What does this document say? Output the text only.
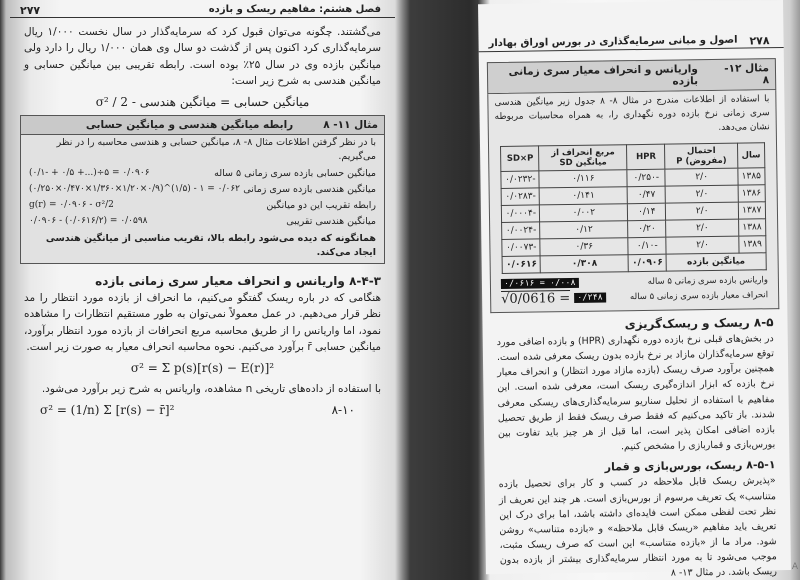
فصل هشتم: مفاهیم ریسک و بازده
۲۷۷

می‌گشتند. چگونه می‌توان قبول کرد که سرمایه‌گذار در سال نخست ۱/۰۰۰ ریال سرمایه‌گذاری کرد اکنون پس از گذشت دو سال وی همان ۱/۰۰۰ ریال را دارد ولی میانگین بازده وی در سال ۲۵٪ بوده است. رابطه تقریبی بین میانگین حسابی و میانگین هندسی به شرح زیر است:

σ² / 2 - میانگین حسابی = میانگین هندسی
مثال ۱۱- ۸
رابطه میانگین هندسی و میانگین حسابی
با در نظر گرفتن اطلاعات مثال ۸- ۸، میانگین حسابی و هندسی محاسبه را در نظر می‌گیریم.
میانگین حسابی بازده سری زمانی ۵ ساله
(۰/۱- + ۰/۵ +...)÷۵ = ۰/۰۹۰۶
میانگین هندسی بازده سری زمانی
(۰/۲۵۰×۰/۴۷۰×۱/۳۶۰×۱/۲۰×۰/۹)^(۱/۵) - ۱ = ۰/۰۶۲
رابطه تقریب این دو میانگین
g(r) = ۰/۰۹۰۶ - σ²/2
میانگین هندسی تقریبی
۰/۰۹۰۶ - (۰/۰۶۱۶/۲) = ۰/۰۵۹۸
همانگونه که دیده می‌شود رابطه بالا، تقریب مناسبی از میانگین هندسی ایجاد می‌کند.
۸-۴-۳ واریانس و انحراف معیار سری زمانی بازده

هنگامی که در باره ریسک گفتگو می‌کنیم، ما انحراف از بازده مورد انتظار را مد نظر قرار می‌دهیم. در عمل معمولاً نمی‌توان به طور مستقیم انتظارات را مشاهده نمود، اما واریانس را از طریق محاسبه مربع انحرافات از بازده مورد انتظار برآورد، میانگین حسابی r̄ برآورد می‌کنیم. نحوه محاسبه انحراف معیار به صورت زیر است.

σ² = Σ p(s)[r(s) − E(r)]²

با استفاده از داده‌های تاریخی n مشاهده، واریانس به شرح زیر برآورد می‌شود.

σ² = (1/n) Σ [r(s) − r̄]²	۸-۱۰
۲۷۸
اصول و مبانی سرمایه‌گذاری در بورس اوراق بهادار
مثال ۱۲- ۸
واریانس و انحراف معیار سری زمانی بازده

با استفاده از اطلاعات مندرج در مثال ۸- ۸ جدول زیر میانگین هندسی سری زمانی نرخ بازده دوره نگهداری را، به همراه محاسبات مربوطه نشان می‌دهد.

سال	احتمال (مفروض) P	HPR	مربع انحراف از میانگین SD	SD×P
۱۳۸۵	۲/۰	-۰/۲۵۰	۰/۱۱۶	-۰/۰۲۳۲
۱۳۸۶	۲/۰	۰/۴۷	۰/۱۴۱	-۰/۰۲۸۳
۱۳۸۷	۲/۰	۰/۱۴	۰/۰۰۲	-۰/۰۰۰۴
۱۳۸۸	۲/۰	۰/۲۰	۰/۱۲	-۰/۰۰۲۴
۱۳۸۹	۲/۰	-۰/۱۰	۰/۳۶	-۰/۰۰۷۳
میانگین بازده		۰/۰۹۰۶	۰/۳۰۸	۰/۰۶۱۶
واریانس بازده سری زمانی ۵ ساله
۰/۰۶۱۶ = ۰/۰۰۸
انحراف معیار بازده سری زمانی ۵ ساله
√0/0616 = ۰/۲۴۸
۸-۵ ریسک و ریسک‌گریزی

در بخش‌های قبلی نرخ بازده دوره نگهداری (HPR) و بازده اضافی مورد توقع سرمایه‌گذاران مازاد بر نرخ بازده بدون ریسک معرفی شده است. همچنین برآورد صرف ریسک (بازده مازاد مورد انتظار) و انحراف معیار نرخ بازده که ابزار اندازه‌گیری ریسک است، معرفی شده است. این مفاهیم با استفاده از تحلیل سناریو سرمایه‌گذاری‌های ریسکی معرفی شدند. باز تاکید می‌کنیم که فقط صرف ریسک فقط از طریق تحصیل بازده اضافی امکان پذیر است، اما قبل از هر چیز باید تفاوت بین بورس‌بازی و قماربازی را مشخص کنیم.

۸-۵-۱ ریسک، بورس‌بازی و قمار

«پذیرش ریسک قابل ملاحظه در کسب و کار برای تحصیل بازده متناسب» یک تعریف مرسوم از بورس‌بازی است. هر چند این تعریف از نظر تحت لفظی ممکن است فایده‌ای داشته باشد، اما برای درک این تعریف باید مفاهیم «ریسک قابل ملاحظه» و «بازده متناسب» روشن شود. مراد ما از «بازده متناسب» این است که صرف ریسک مثبت، موجب می‌شود تا به مورد انتظار سرمایه‌گذاری بیشتر از بازده بدون ریسک باشد. در مثال ۱۳- ۸	A
